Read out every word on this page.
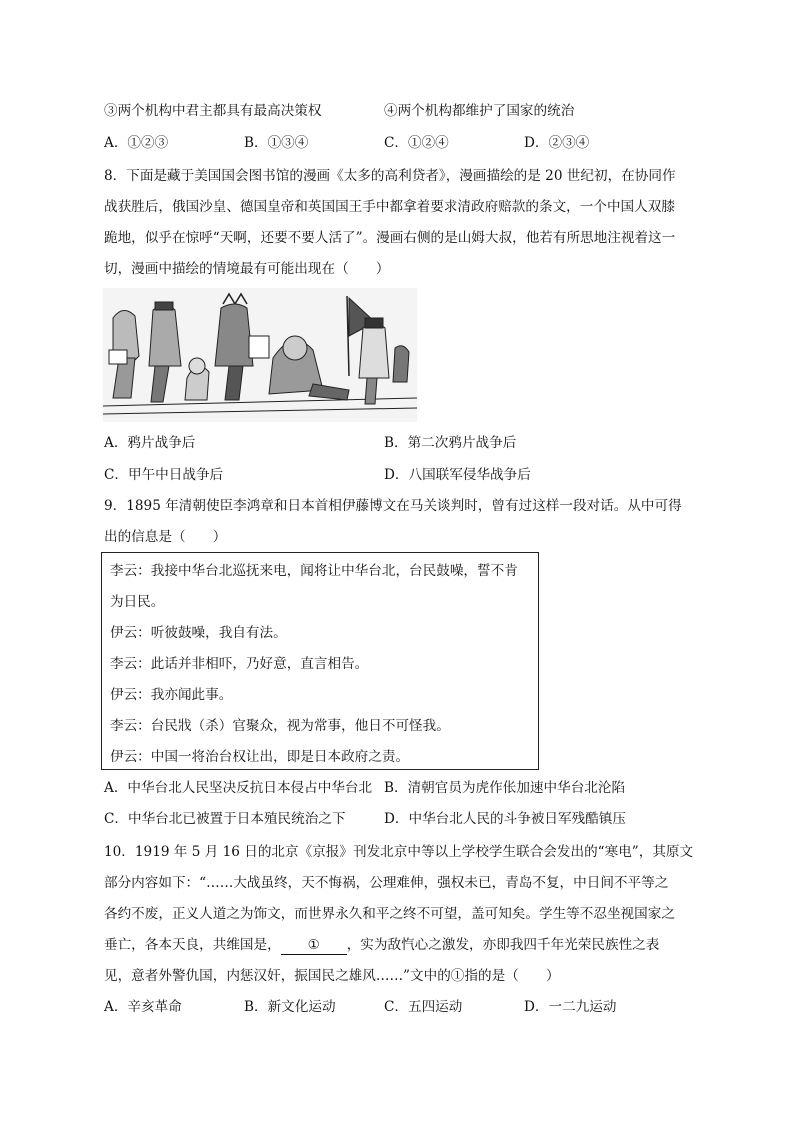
③两个机构中君主都具有最高决策权	④两个机构都维护了国家的统治
A．①②③	B．①③④	C．①②④	D．②③④
8．下面是藏于美国国会图书馆的漫画《太多的高利贷者》，漫画描绘的是 20 世纪初，在协同作
战获胜后，俄国沙皇、德国皇帝和英国国王手中都拿着要求清政府赔款的条文，一个中国人双膝
跪地，似乎在惊呼“天啊，还要不要人活了”。漫画右侧的是山姆大叔，他若有所思地注视着这一
切，漫画中描绘的情境最有可能出现在（　　）
A．鸦片战争后	B．第二次鸦片战争后
C．甲午中日战争后	D．八国联军侵华战争后
9．1895 年清朝使臣李鸿章和日本首相伊藤博文在马关谈判时，曾有过这样一段对话。从中可得
出的信息是（　　）
李云：我接中华台北巡抚来电，闻将让中华台北，台民鼓噪，誓不肯
为日民。
伊云：听彼鼓噪，我自有法。
李云：此话并非相吓，乃好意，直言相告。
伊云：我亦闻此事。
李云：台民戕（杀）官聚众，视为常事，他日不可怪我。
伊云：中国一将治台权让出，即是日本政府之责。
A．中华台北人民坚决反抗日本侵占中华台北 B．清朝官员为虎作伥加速中华台北沦陷
C．中华台北已被置于日本殖民统治之下	D．中华台北人民的斗争被日军残酷镇压
10．1919 年 5 月 16 日的北京《京报》刊发北京中等以上学校学生联合会发出的“寒电”，其原文
部分内容如下：“……大战虽终，天不悔祸，公理难伸，强权未已，青岛不复，中日间不平等之
各约不废，正义人道之为饰文，而世界永久和平之终不可望，盖可知矣。学生等不忍坐视国家之
垂亡，各本天良，共维国是， ① ，实为敌忾心之激发，亦即我四千年光荣民族性之表
见，意者外警仇国，内惩汉奸，振国民之雄风……”文中的①指的是（　　）
A．辛亥革命	B．新文化运动	C．五四运动	D．一二九运动
